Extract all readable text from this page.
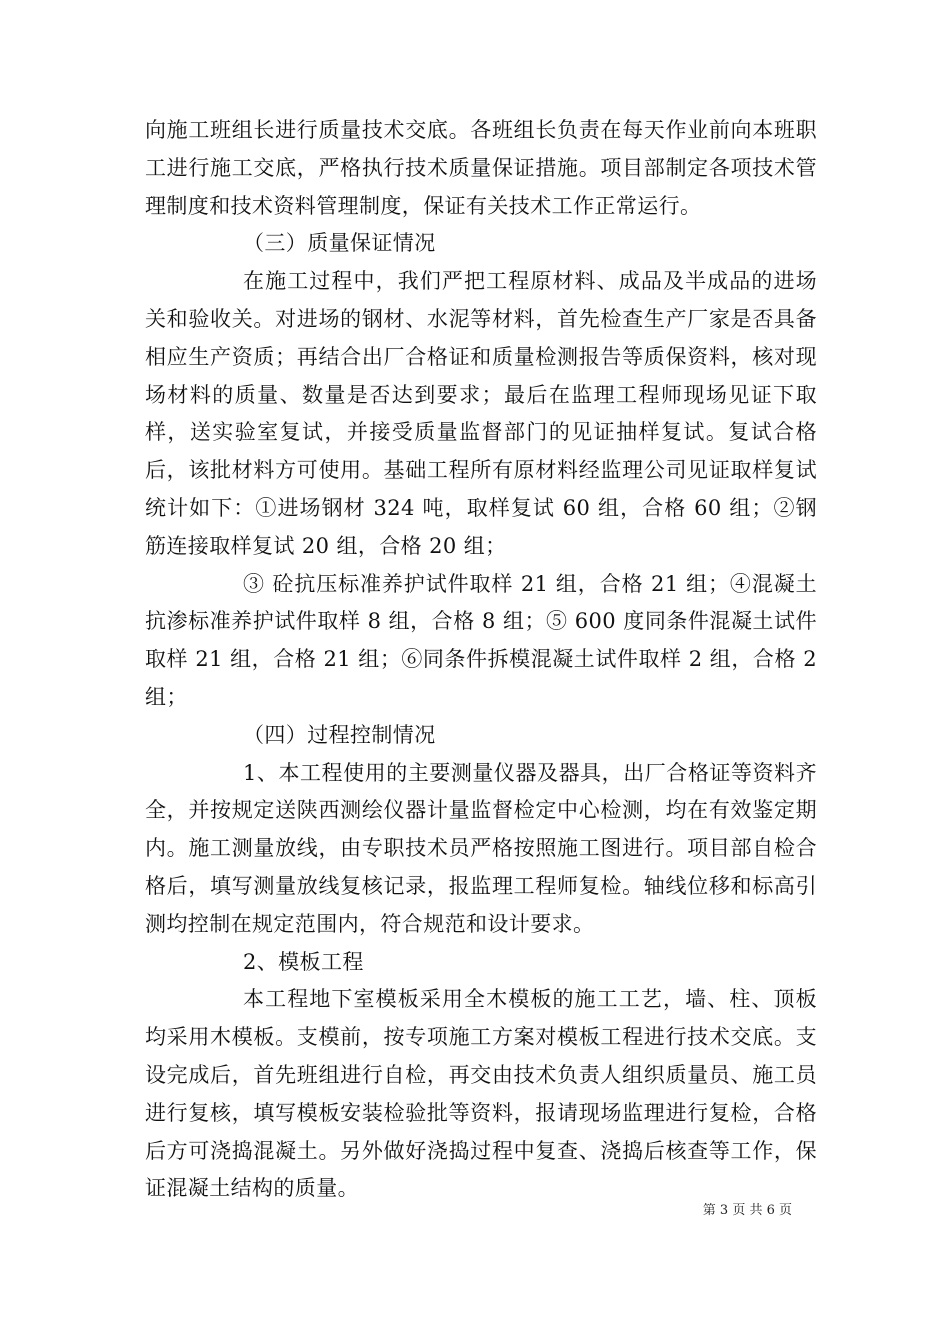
向施工班组长进行质量技术交底。各班组长负责在每天作业前向本班职工进行施工交底，严格执行技术质量保证措施。项目部制定各项技术管理制度和技术资料管理制度，保证有关技术工作正常运行。

（三）质量保证情况

在施工过程中，我们严把工程原材料、成品及半成品的进场关和验收关。对进场的钢材、水泥等材料，首先检查生产厂家是否具备相应生产资质；再结合出厂合格证和质量检测报告等质保资料，核对现场材料的质量、数量是否达到要求；最后在监理工程师现场见证下取样，送实验室复试，并接受质量监督部门的见证抽样复试。复试合格后，该批材料方可使用。基础工程所有原材料经监理公司见证取样复试统计如下：①进场钢材 324 吨，取样复试 60 组，合格 60 组；②钢筋连接取样复试 20 组，合格 20 组；

③ 砼抗压标准养护试件取样 21 组，合格 21 组；④混凝土抗渗标准养护试件取样 8 组，合格 8 组；⑤ 600 度同条件混凝土试件取样 21 组，合格 21 组；⑥同条件拆模混凝土试件取样 2 组，合格 2 组；

（四）过程控制情况

1、本工程使用的主要测量仪器及器具，出厂合格证等资料齐全，并按规定送陕西测绘仪器计量监督检定中心检测，均在有效鉴定期内。施工测量放线，由专职技术员严格按照施工图进行。项目部自检合格后，填写测量放线复核记录，报监理工程师复检。轴线位移和标高引测均控制在规定范围内，符合规范和设计要求。

2、模板工程

本工程地下室模板采用全木模板的施工工艺，墙、柱、顶板均采用木模板。支模前，按专项施工方案对模板工程进行技术交底。支设完成后，首先班组进行自检，再交由技术负责人组织质量员、施工员进行复核，填写模板安装检验批等资料，报请现场监理进行复检，合格后方可浇捣混凝土。另外做好浇捣过程中复查、浇捣后核查等工作，保证混凝土结构的质量。

第 3 页 共 6 页
